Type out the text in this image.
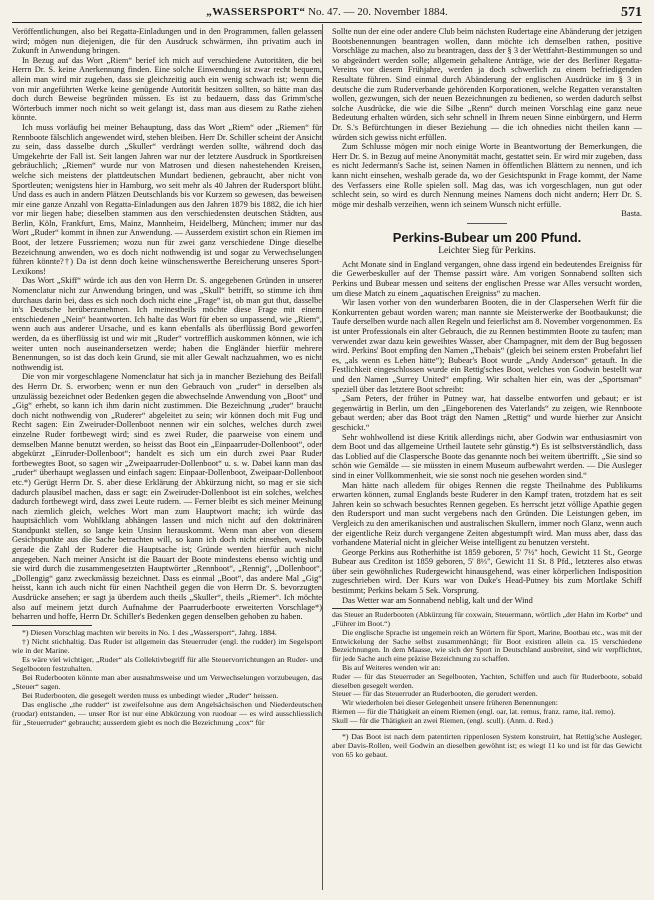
„WASSERSPORT“ No. 47. — 20. November 1884.	571

Veröffentlichungen, also bei Regatta-Einladungen und in den Programmen, fallen gelassen wird; mögen nun diejenigen, die für den Ausdruck schwärmen, ihn privatim auch in Zukunft in Anwendung bringen.

In Bezug auf das Wort „Riem“ berief ich mich auf verschiedene Autoritäten, die bei Herrn Dr. S. keine Anerkennung finden. Eine solche Einwendung ist zwar recht bequem, allein man wird mir zugeben, dass sie gleichzeitig auch ein wenig schwach ist; wenn die von mir angeführten Werke keine genügende Autorität besitzen sollten, so hätte man das doch durch Beweise begründen müssen. Es ist zu bedauern, dass das Grimm'sche Wörterbuch immer noch nicht so weit gelangt ist, dass man aus diesem zu Rathe ziehen könnte.

Ich muss vorläufig bei meiner Behauptung, dass das Wort „Riem“ oder „Riemen“ für Rennboote fälschlich angewendet wird, stehen bleiben. Herr Dr. Schiller scheint der Ansicht zu sein, dass dasselbe durch „Skuller“ verdrängt werden sollte, während doch das Umgekehrte der Fall ist. Seit langen Jahren war nur der letztere Ausdruck in Sportkreisen gebräuchlich; „Riemen“ wurde nur von Matrosen und diesen nahestehenden Kreisen, welche sich meistens der plattdeutschen Mundart bedienen, gebraucht, aber nicht von Sportleuten; wenigstens hier in Hamburg, wo seit mehr als 40 Jahren der Rudersport blüht. Und dass es auch in andern Plätzen Deutschlands bis vor Kurzem so gewesen, das beweisen mir eine ganze Anzahl von Regatta-Einladungen aus den Jahren 1879 bis 1882, die ich hier vor mir liegen habe; dieselben stammen aus den verschiedensten deutschen Städten, aus Berlin, Köln, Frankfurt, Ems, Mainz, Mannheim, Heidelberg, München; immer nur das Wort „Ruder“ kommt in ihnen zur Anwendung. — Ausserdem existirt schon ein Riemen im Boot, der letzere Fussriemen; wozu nun für zwei ganz verschiedene Dinge dieselbe Bezeichnung anwenden, wo es doch nicht nothwendig ist und sogar zu Verwechselungen führen könnte?†) Da ist denn doch keine wünschenswerthe Bereicherung unseres Sport-Lexikons!

Das Wort „Skiff“ würde ich aus den von Herrn Dr. S. angegebenen Gründen in unserer Nomenclatur nicht zur Anwendung bringen, und was „Skull“ betrifft, so stimme ich ihm durchaus darin bei, dass es sich noch doch nicht eine „Frage“ ist, ob man gut thut, dasselbe in's Deutsche herüberzunehmen. Ich meinestheils möchte diese Frage mit einem entschiedenen „Nein“ beantworten. Ich halte das Wort für eben so unpassend, wie „Riem“, wenn auch aus anderer Ursache, und es kann ebenfalls als überflüssig Bord geworfen werden, da es überflüssig ist und wir mit „Ruder“ vortrefflich auskommen können, wie ich weiter unten noch auseinandersetzen werde; haben die Engländer hierfür mehrere Benennungen, so ist das doch kein Grund, sie mit aller Gewalt nachzuahmen, wo es nicht nothwendig ist.

Die von mir vorgeschlagene Nomenclatur hat sich ja in mancher Beziehung des Beifall des Herrn Dr. S. erworben; wenn er nun den Gebrauch von „ruder“ in derselben als unzulässig bezeichnet oder Bedenken gegen die abwechselnde Anwendung von „Boot“ und „Gig“ erhebt, so kann ich ihm darin nicht zustimmen. Die Bezeichnung „ruder“ braucht doch nicht nothwendig von „Ruderer“ abgeleitet zu sein; wir können doch mit Fug und Recht sagen: Ein Zweiruder-Dollenboot nennen wir ein solches, welches durch zwei einzelne Ruder fortbewegt wird; sind es zwei Ruder, die paarweise von einem und demselben Manne benutzt werden, so heisst das Boot ein „Einpaarruder-Dollenboot“, oder abgekürzt „Einruder-Dollenboot“; handelt es sich um ein durch zwei Paar Ruder fortbewegtes Boot, so sagen wir „Zweipaarruder-Dollenboot“ u. s. w. Dabei kann man das „ruder“ überhaupt weglassen und einfach sagen: Einpaar-Dollenboot, Zweipaar-Dollenboot etc.*) Gerügt Herrn Dr. S. aber diese Erklärung der Abkürzung nicht, so mag er sie sich dadurch plausibel machen, dass er sagt: ein Zweiruder-Dollenboot ist ein solches, welches dadurch fortbewegt wird, dass zwei Leute rudern. — Ferner bleibt es sich meiner Meinung nach ziemlich gleich, welches Wort man zum Hauptwort macht; ich würde das hauptsächlich vom Wohlklang abhängen lassen und mich nicht auf den doktrinären Standpunkt stellen, so lange kein Unsinn herauskommt. Wenn man aber von diesem Gesichtspunkte aus die Sache betrachten will, so kann ich doch nicht einsehen, weshalb gerade die Zahl der Ruderer die Hauptsache ist; Gründe werden hierfür auch nicht angegeben. Nach meiner Ansicht ist die Bauart der Boote mindestens ebenso wichtig und sie wird durch die zusammengesetzten Hauptwörter „Rennboot“, „Rennig“, „Dollenboot“, „Dollengig“ ganz zweckmässig bezeichnet. Dass es einmal „Boot“, das andere Mal „Gig“ heisst, kann ich auch nicht für einen Nachtheil gegen die von Herrn Dr. S. bevorzugten Ausdrücke ansehen; er sagt ja überdem auch theils „Skuller“, theils „Riemer“. Ich möchte also auf meinem jetzt durch Aufnahme der Paarruderboote erweiterten Vorschlage*) beharren und hoffe, Herrn Dr. Schiller's Bedenken gegen denselben gehoben zu haben.

*) Diesen Vorschlag machten wir bereits in No. 1 des „Wassersport“, Jahrg. 1884.

†) Nicht stichhaltig. Das Ruder ist allgemein das Steuerruder (engl. the rudder) im Segelsport wie in der Marine.

Es wäre viel wichtiger, „Ruder“ als Collektivbegriff für alle Steuervorrichtungen an Ruder- und Segelbooten festzuhalten.

Bei Ruderbooten könnte man aber ausnahmsweise und um Verwechselungen vorzubeugen, das „Steuer“ sagen.

Bei Ruderbooten, die gesegelt werden muss es unbedingt wieder „Ruder“ heissen.

Das englische „the rudder“ ist zweifelsohne aus dem Angelsächsischen und Niederdeutschen (ruodar) entstanden, — unser Ror ist nur eine Abkürzung von ruodoar — es wird ausschliesslich für „Steuerruder“ gebraucht; ausserdem giebt es noch die Bezeichnung „cox“ für

Sollte nun der eine oder andere Club beim nächsten Rudertage eine Abänderung der jetzigen Bootsbenennungen beantragen wollen, dann möchte ich demselben rathen, positive Vorschläge zu machen, also zu beantragen, dass der § 3 der Wettfahrt-Bestimmungen so und so abgeändert werden solle; allgemein gehaltene Anträge, wie der des Berliner Regatta-Vereins vor diesem Frühjahre, werden ja doch schwerlich zu einem befriedigenden Resultate führen. Sind einmal durch Abänderung der englischen Ausdrücke im § 3 in deutsche die zum Ruderverbande gehörenden Korporationen, welche Regatten veranstalten wollen, gezwungen, sich der neuen Bezeichnungen zu bedienen, so werden dadurch selbst solche Ausdrücke, die wie die Silbe „Renn“ durch meinen Vorschlag eine ganz neue Bedeutung erhalten würden, sich sehr schnell in Ihrem neuen Sinne einbürgern, und Herrn Dr. S.'s Befürchtungen in dieser Beziehung — die ich ohnedies nicht theilen kann — würden sich gewiss nicht erfüllen.

Zum Schlusse mögen mir noch einige Worte in Beantwortung der Bemerkungen, die Herr Dr. S. in Bezug auf meine Anonymität macht, gestattet sein. Er wird mir zugeben, dass es nicht Jedermann's Sache ist, seinen Namen in öffentlichen Blättern zu nennen, und ich kann nicht einsehen, weshalb gerade da, wo der Gesichtspunkt in Frage kommt, der Name des Verfassers eine Rolle spielen soll. Mag das, was ich vorgeschlagen, nun gut oder schlecht sein, so wird es durch Nennung meines Namens doch nicht andern; Herr Dr. S. möge mir deshalb verzeihen, wenn ich seinem Wunsch nicht erfülle.

Basta.

Perkins-Bubear um 200 Pfund.
Leichter Sieg für Perkins.

Acht Monate sind in England vergangen, ohne dass irgend ein bedeutendes Ereigniss für die Gewerbeskuller auf der Themse passirt wäre. Am vorigen Sonnabend sollten sich Perkins und Bubear messen und seitens der englischen Presse war Alles versucht worden, um diese Match zu einem „aquatischen Ereigniss“ zu machen.

Wir lasen vorher von den wunderbaren Booten, die in der Claspersehen Werft für die Konkurrenten gebaut worden waren; man nannte sie Meisterwerke der Bootbaukunst; die Taufe derselben wurde nach allen Regeln und feierlichst am 8. November vorgenommen. Es ist unter Professionals ein alter Gebrauch, die zu Rennen bestimmten Boote zu taufen; man verwendet zwar dazu kein geweihtes Wasser, aber Champagner, mit dem der Bug begossen wird. Perkins' Boot empfing den Namen „Thebais“ (gleich bei seinem ersten Probefahrt lief es, „als wenn es Leben hätte“); Bubear's Boot wurde „Andy Anderson“ getauft. In die Festlichkeit eingeschlossen wurde ein Rettig'sches Boot, welches von Godwin bestellt war und den Namen „Surrey United“ empfing. Wir schalten hier ein, was der „Sportsman“ speziell über das letztere Boot schreibt:

„Sam Peters, der früher in Putney war, hat dasselbe entworfen und gebaut; er ist gegenwärtig in Berlin, um den „Eingeborenen des Vaterlands“ zu zeigen, wie Rennboote gebaut werden; aber das Boot trägt den Namen „Rettig“ und wurde hierher zur Ansicht geschickt.“

Sehr wohlwollend ist diese Kritik allerdings nicht, aber Godwin war enthusiasmirt von dem Boot und das allgemeine Urtheil lautete sehr günstig.*) Es ist selbstverständlich, dass das Loblied auf die Claspersche Boote das genannte noch bei weitem übertrifft. „Sie sind so schön wie Gemälde — sie müssten in einem Museum aufbewahrt werden. — Die Ausleger sind in einer Vollkommenheit, wie sie sonst noch nie gesehen worden sind.“

Man hätte nach alledem für obiges Rennen die regste Theilnahme des Publikums erwarten können, zumal Englands beste Ruderer in den Kampf traten, trotzdem hat es seit Jahren kein so schwach besuchtes Rennen gegeben. Es herrscht jetzt völlige Apathie gegen den Rudersport und man sucht vergebens nach den Gründen. Die Leistungen geben, im Vergleich zu den amerikanischen und australischen Skullern, immer noch Glanz, wenn auch der eigentliche Reiz durch vergangene Zeiten abgestumpft wird. Man muss aber, dass das vorhandene Material nicht in gleicher Weise intelligent zu benutzen versteht.

George Perkins aus Rotherhithe ist 1859 geboren, 5' 7½" hoch, Gewicht 11 St., George Bubear aus Crediton ist 1859 geboren, 5' 8⅓", Gewicht 11 St. 8 Pfd., letzteres also etwas über sein gewöhnliches Rudergewicht hinausgehend, was einer körperlichen Indisposition zugeschrieben wird. Der Kurs war von Duke's Head-Putney bis zum Mortlake Schiff bestimmt; Perkins bekam 5 Sek. Vorsprung.

Das Wetter war am Sonnabend neblig, kalt und der Wind

das Steuer an Ruderbooten (Abkürzung für coxwain, Steuermann, wörtlich „der Hahn im Korbe“ und „Führer im Boot.“)

Die englische Sprache ist ungemein reich an Wörtern für Sport, Marine, Bootbau etc., was mit der Entwickelung der Sache selbst zusammenhängt; für Boot existiren allein ca. 15 verschiedene Bezeichnungen. In dem Maasse, wie sich der Sport in Deutschland ausbreitet, sind wir verpflichtet, für jede Sache auch eine präzise Bezeichnung zu schaffen.

Bis auf Weiteres wenden wir an:

Ruder — für das Steuerruder an Segelbooten, Yachten, Schiffen und auch für Ruderboote, sobald dieselben gesegelt werden.

Steuer — für das Steuerruder an Ruderbooten, die gerudert werden.

Wir wiederholen bei dieser Gelegenheit unsere früheren Benennungen:

Riemen — für die Thätigkeit an einem Riemen (engl. oar, lat. remus, franz. rame, ital. remo).

Skull — für die Thätigkeit an zwei Riemen, (engl. scull). (Anm. d. Red.)

*) Das Boot ist nach dem patentirten rippenlosen System konstruirt, hat Rettig'sche Ausleger, aber Davis-Rollen, weil Godwin an dieselben gewöhnt ist; es wiegt 11 ko und ist für das Gewicht von 65 ko gebaut.
